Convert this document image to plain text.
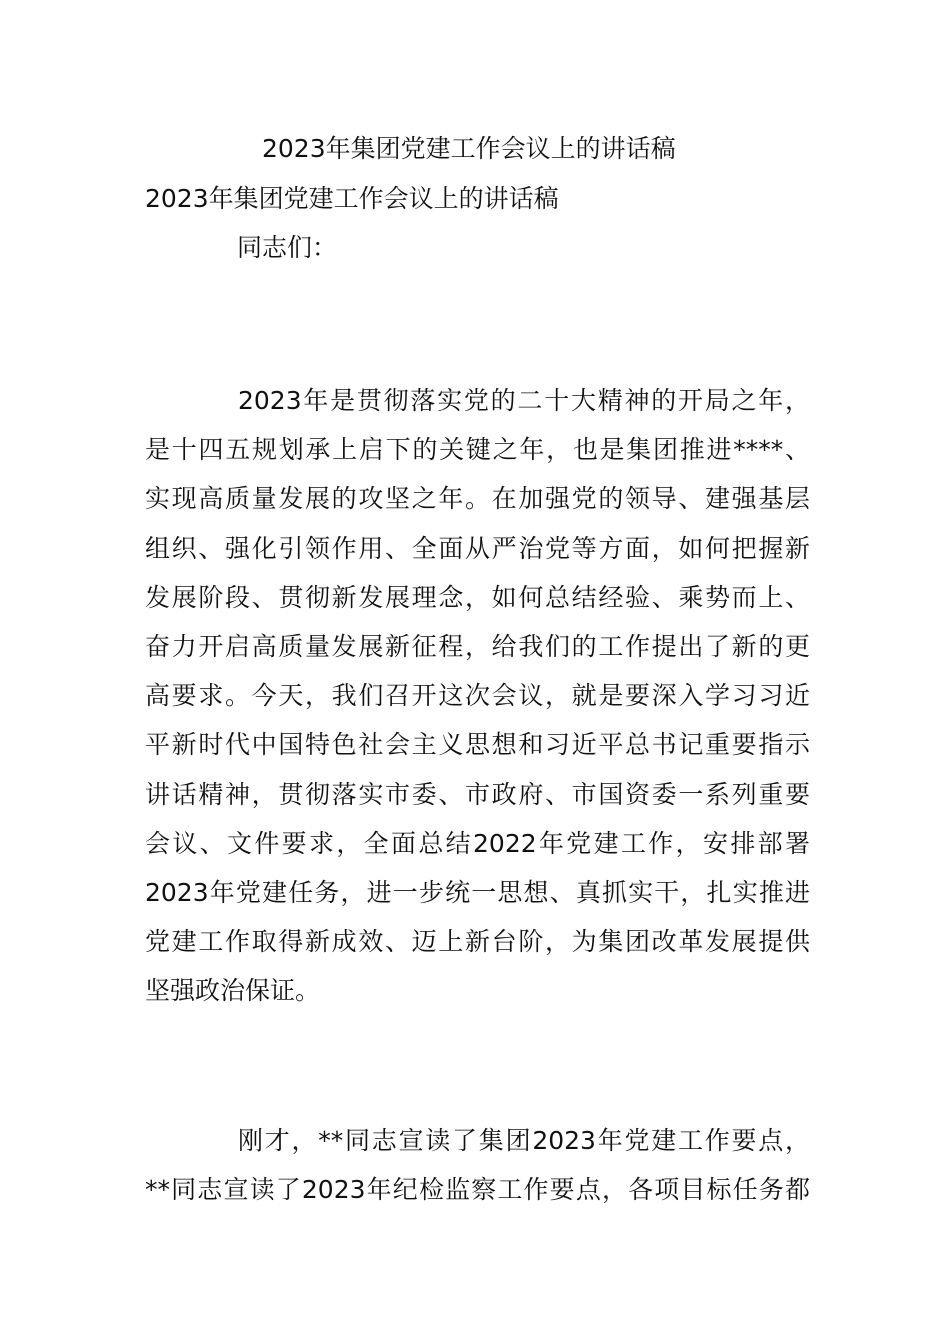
2023年集团党建工作会议上的讲话稿
2023年集团党建工作会议上的讲话稿
同志们：
2023年是贯彻落实党的二十大精神的开局之年，
是十四五规划承上启下的关键之年，也是集团推进****、
实现高质量发展的攻坚之年。在加强党的领导、建强基层
组织、强化引领作用、全面从严治党等方面，如何把握新
发展阶段、贯彻新发展理念，如何总结经验、乘势而上、
奋力开启高质量发展新征程，给我们的工作提出了新的更
高要求。今天，我们召开这次会议，就是要深入学习习近
平新时代中国特色社会主义思想和习近平总书记重要指示
讲话精神，贯彻落实市委、市政府、市国资委一系列重要
会议、文件要求，全面总结2022年党建工作，安排部署
2023年党建任务，进一步统一思想、真抓实干，扎实推进
党建工作取得新成效、迈上新台阶，为集团改革发展提供
坚强政治保证。
刚才，**同志宣读了集团2023年党建工作要点，
**同志宣读了2023年纪检监察工作要点，各项目标任务都
